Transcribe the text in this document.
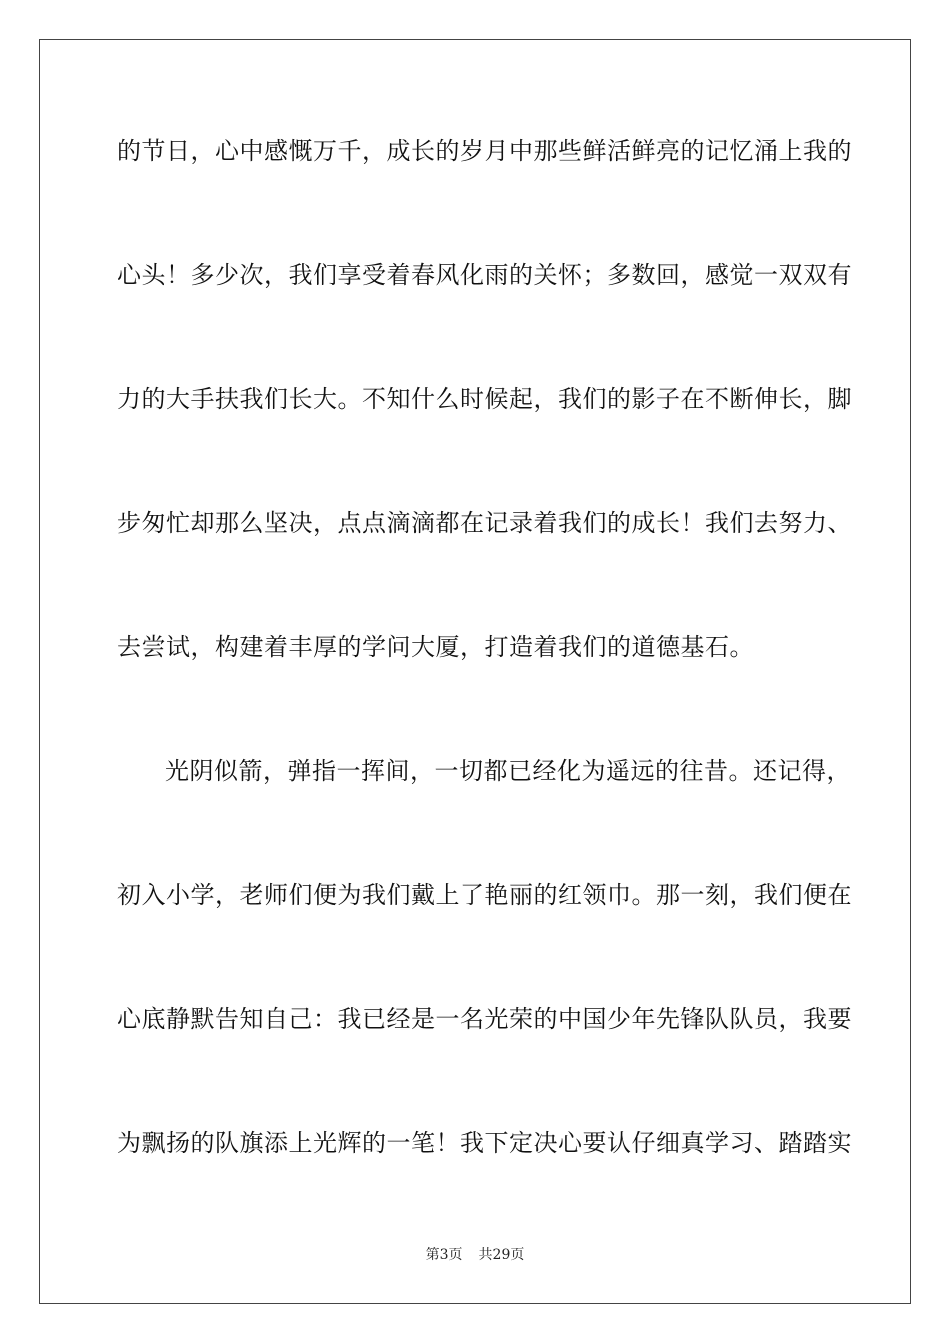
的节日，心中感慨万千，成长的岁月中那些鲜活鲜亮的记忆涌上我的
心头！多少次，我们享受着春风化雨的关怀；多数回，感觉一双双有
力的大手扶我们长大。不知什么时候起，我们的影子在不断伸长，脚
步匆忙却那么坚决，点点滴滴都在记录着我们的成长！我们去努力、
去尝试，构建着丰厚的学问大厦，打造着我们的道德基石。
光阴似箭，弹指一挥间，一切都已经化为遥远的往昔。还记得，
初入小学，老师们便为我们戴上了艳丽的红领巾。那一刻，我们便在
心底静默告知自己：我已经是一名光荣的中国少年先锋队队员，我要
为飘扬的队旗添上光辉的一笔！我下定决心要认仔细真学习、踏踏实
第3页 共29页
